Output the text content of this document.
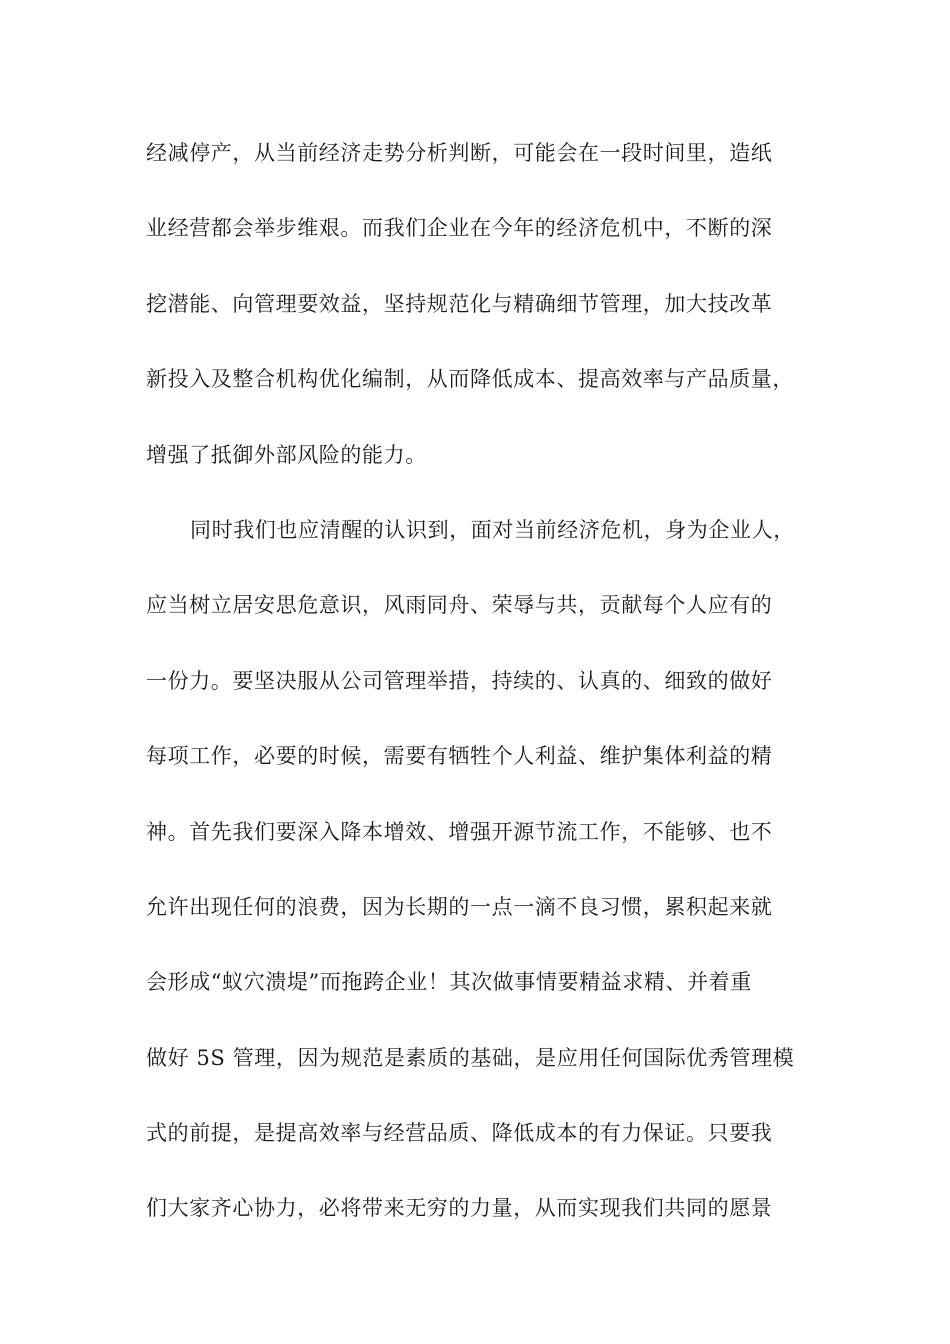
经减停产，从当前经济走势分析判断，可能会在一段时间里，造纸
业经营都会举步维艰。而我们企业在今年的经济危机中，不断的深
挖潜能、向管理要效益，坚持规范化与精确细节管理，加大技改革
新投入及整合机构优化编制，从而降低成本、提高效率与产品质量，
增强了抵御外部风险的能力。
同时我们也应清醒的认识到，面对当前经济危机，身为企业人，
应当树立居安思危意识，风雨同舟、荣辱与共，贡献每个人应有的
一份力。要坚决服从公司管理举措，持续的、认真的、细致的做好
每项工作，必要的时候，需要有牺牲个人利益、维护集体利益的精
神。首先我们要深入降本增效、增强开源节流工作，不能够、也不
允许出现任何的浪费，因为长期的一点一滴不良习惯，累积起来就
会形成“蚁穴溃堤”而拖跨企业！其次做事情要精益求精、并着重
做好 5S 管理，因为规范是素质的基础，是应用任何国际优秀管理模
式的前提，是提高效率与经营品质、降低成本的有力保证。只要我
们大家齐心协力，必将带来无穷的力量，从而实现我们共同的愿景
